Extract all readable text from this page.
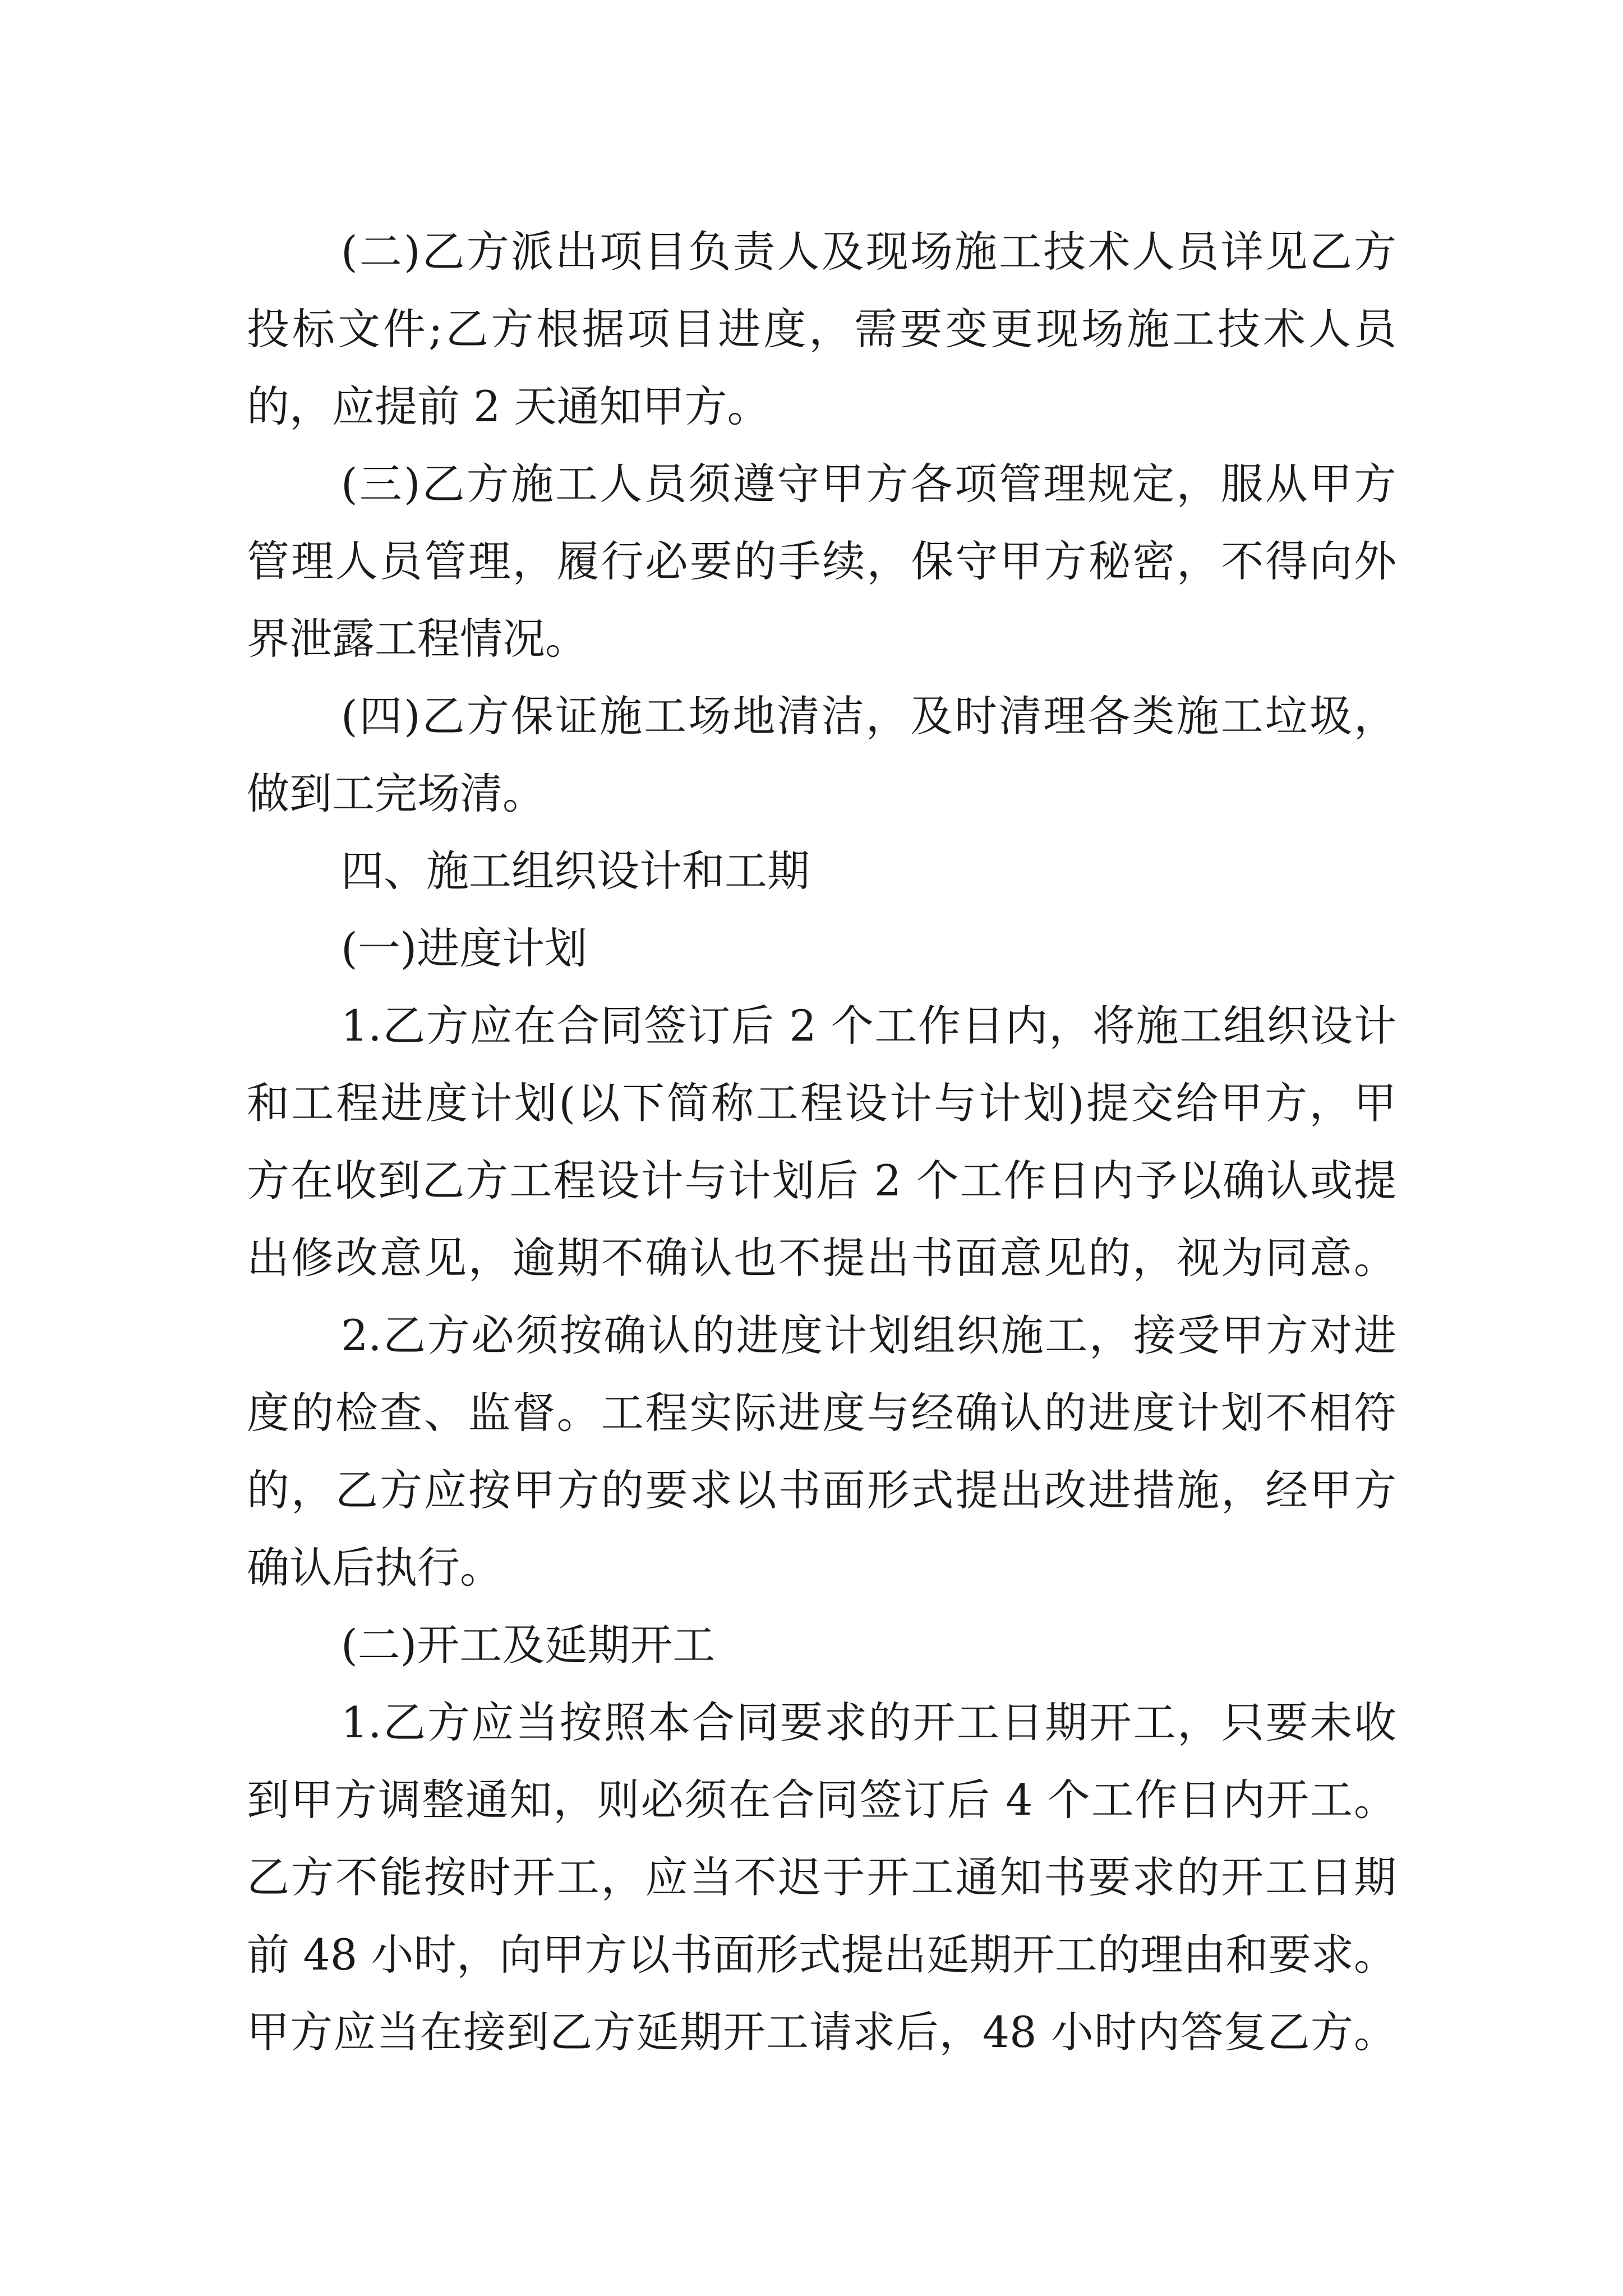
(二)乙方派出项目负责人及现场施工技术人员详见乙方
投标文件;乙方根据项目进度，需要变更现场施工技术人员
的，应提前 2 天通知甲方。
(三)乙方施工人员须遵守甲方各项管理规定，服从甲方
管理人员管理，履行必要的手续，保守甲方秘密，不得向外
界泄露工程情况。
(四)乙方保证施工场地清洁，及时清理各类施工垃圾，
做到工完场清。
四、施工组织设计和工期
(一)进度计划
1.乙方应在合同签订后 2 个工作日内，将施工组织设计
和工程进度计划(以下简称工程设计与计划)提交给甲方，甲
方在收到乙方工程设计与计划后 2 个工作日内予以确认或提
出修改意见，逾期不确认也不提出书面意见的，视为同意。
2.乙方必须按确认的进度计划组织施工，接受甲方对进
度的检查、监督。工程实际进度与经确认的进度计划不相符
的，乙方应按甲方的要求以书面形式提出改进措施，经甲方
确认后执行。
(二)开工及延期开工
1.乙方应当按照本合同要求的开工日期开工，只要未收
到甲方调整通知，则必须在合同签订后 4 个工作日内开工。
乙方不能按时开工，应当不迟于开工通知书要求的开工日期
前 48 小时，向甲方以书面形式提出延期开工的理由和要求。
甲方应当在接到乙方延期开工请求后，48 小时内答复乙方。
